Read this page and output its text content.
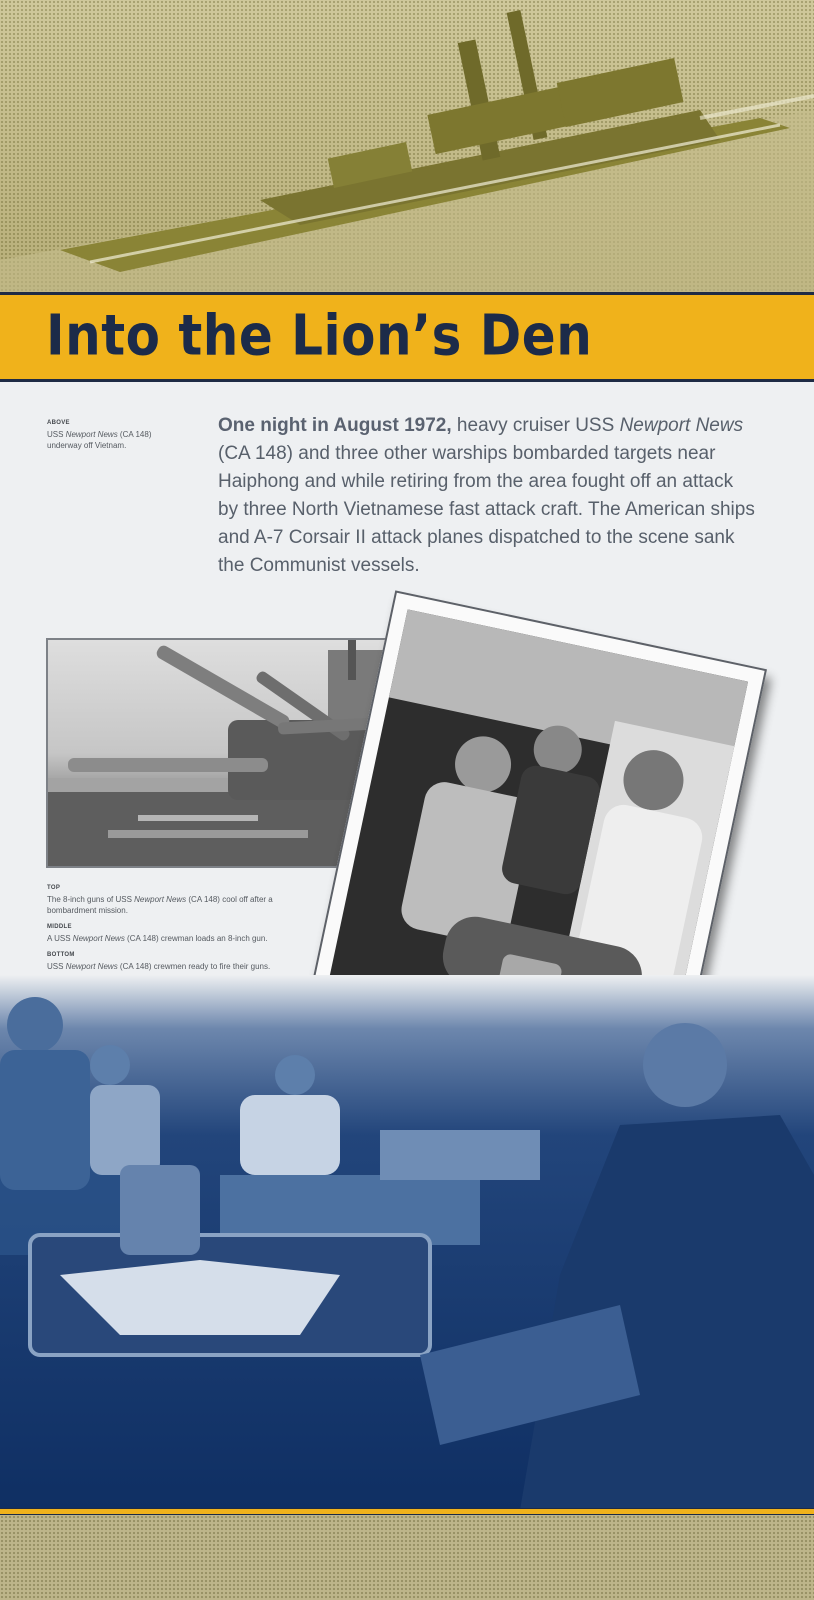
Into the Lion’s Den
ABOVE
USS Newport News (CA 148) underway off Vietnam.
One night in August 1972, heavy cruiser USS Newport News (CA 148) and three other warships bombarded targets near Haiphong and while retiring from the area fought off an attack by three North Vietnamese fast attack craft. The American ships and A-7 Corsair II attack planes dispatched to the scene sank the Communist vessels.
TOP
The 8-inch guns of USS Newport News (CA 148) cool off after a bombardment mission.
MIDDLE
A USS Newport News (CA 148) crewman loads an 8-inch gun.
BOTTOM
USS Newport News (CA 148) crewmen ready to fire their guns.
